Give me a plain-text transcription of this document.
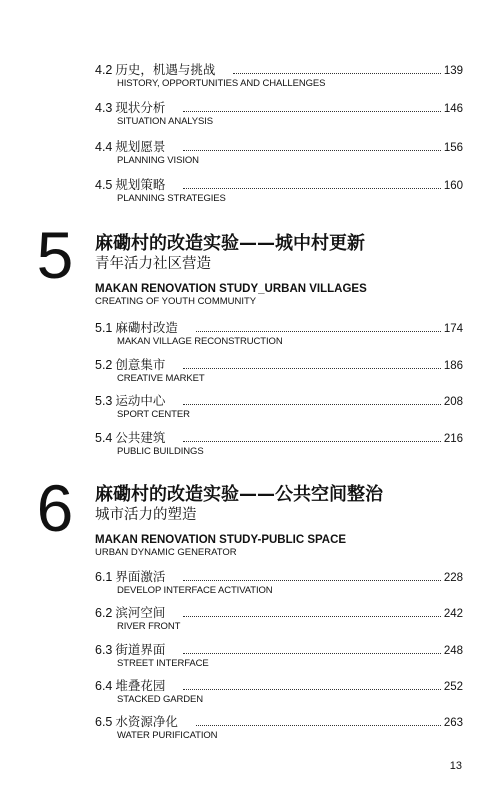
4.2 历史，机遇与挑战	139
HISTORY, OPPORTUNITIES AND CHALLENGES
4.3 现状分析	146
SITUATION ANALYSIS
4.4 规划愿景	156
PLANNING VISION
4.5 规划策略	160
PLANNING STRATEGIES
5	麻磡村的改造实验——城中村更新
青年活力社区营造
MAKAN RENOVATION STUDY_URBAN VILLAGES
CREATING OF YOUTH COMMUNITY
5.1 麻磡村改造	174
MAKAN VILLAGE RECONSTRUCTION
5.2 创意集市	186
CREATIVE MARKET
5.3 运动中心	208
SPORT CENTER
5.4 公共建筑	216
PUBLIC BUILDINGS
6	麻磡村的改造实验——公共空间整治
城市活力的塑造
MAKAN RENOVATION STUDY-PUBLIC SPACE
URBAN DYNAMIC GENERATOR
6.1 界面激活	228
DEVELOP INTERFACE ACTIVATION
6.2 滨河空间	242
RIVER FRONT
6.3 街道界面	248
STREET INTERFACE
6.4 堆叠花园	252
STACKED GARDEN
6.5 水资源净化	263
WATER PURIFICATION
13
